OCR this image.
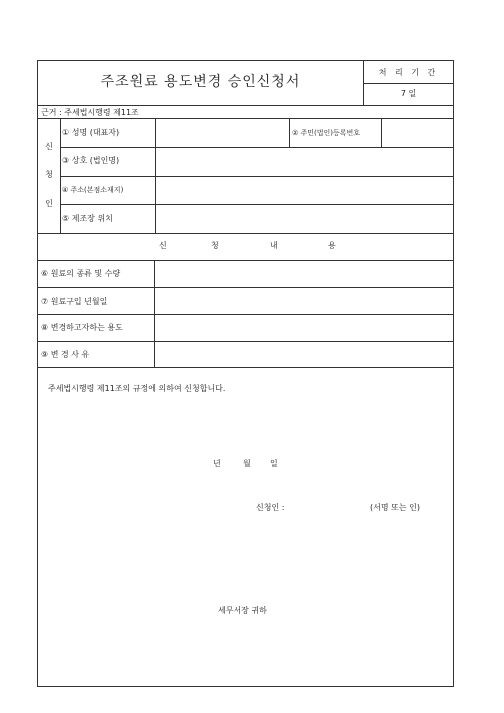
주조원료 용도변경 승인신청서
처 리 기 간
7 일
근거 : 주세법시행령 제11조
신
청
인
① 성명 (대표자)	② 주민(법인)등록번호
③ 상호 (법인명)
④ 주소(본점소재지)
⑤ 제조장 위치
신	청	내	용
⑥ 원료의 종류 및 수량
⑦ 원료구입 년월일
⑧ 변경하고자하는 용도
⑨ 변 경 사 유
주세법시행령 제11조의 규정에 의하여 신청합니다.
년	월 일
신청인 :	(서명 또는 인)
세무서장 귀하
